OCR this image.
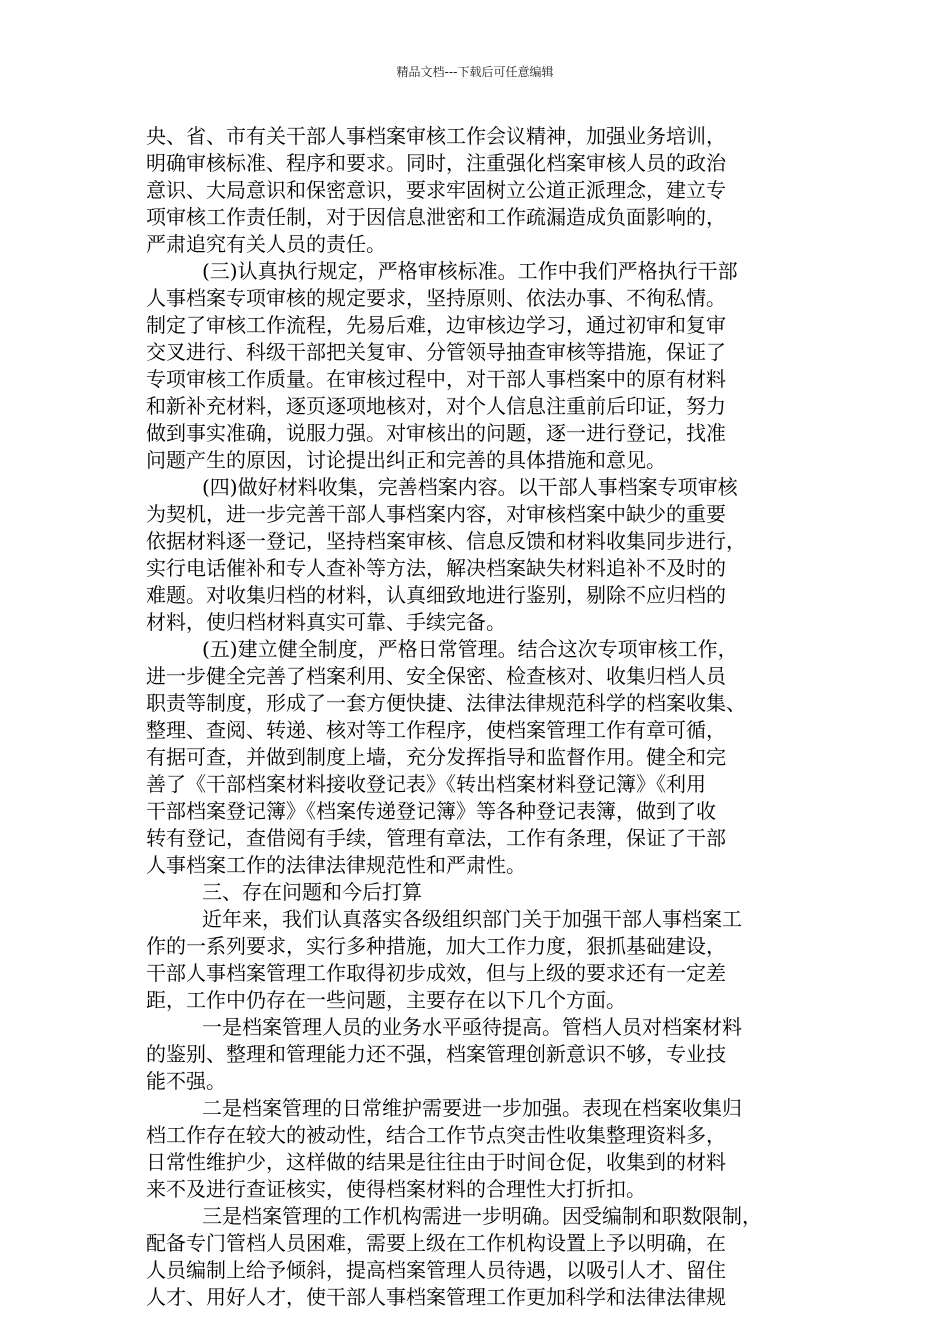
精品文档---下载后可任意编辑
央、省、市有关干部人事档案审核工作会议精神，加强业务培训，
明确审核标准、程序和要求。同时，注重强化档案审核人员的政治
意识、大局意识和保密意识，要求牢固树立公道正派理念，建立专
项审核工作责任制，对于因信息泄密和工作疏漏造成负面影响的，
严肃追究有关人员的责任。
(三)认真执行规定，严格审核标准。工作中我们严格执行干部
人事档案专项审核的规定要求，坚持原则、依法办事、不徇私情。
制定了审核工作流程，先易后难，边审核边学习，通过初审和复审
交叉进行、科级干部把关复审、分管领导抽查审核等措施，保证了
专项审核工作质量。在审核过程中，对干部人事档案中的原有材料
和新补充材料，逐页逐项地核对，对个人信息注重前后印证，努力
做到事实准确，说服力强。对审核出的问题，逐一进行登记，找准
问题产生的原因，讨论提出纠正和完善的具体措施和意见。
(四)做好材料收集，完善档案内容。以干部人事档案专项审核
为契机，进一步完善干部人事档案内容，对审核档案中缺少的重要
依据材料逐一登记，坚持档案审核、信息反馈和材料收集同步进行，
实行电话催补和专人查补等方法，解决档案缺失材料追补不及时的
难题。对收集归档的材料，认真细致地进行鉴别，剔除不应归档的
材料，使归档材料真实可靠、手续完备。
(五)建立健全制度，严格日常管理。结合这次专项审核工作，
进一步健全完善了档案利用、安全保密、检查核对、收集归档人员
职责等制度，形成了一套方便快捷、法律法律规范科学的档案收集、
整理、查阅、转递、核对等工作程序，使档案管理工作有章可循，
有据可查，并做到制度上墙，充分发挥指导和监督作用。健全和完
善了《干部档案材料接收登记表》《转出档案材料登记簿》《利用
干部档案登记簿》《档案传递登记簿》等各种登记表簿，做到了收
转有登记，查借阅有手续，管理有章法，工作有条理，保证了干部
人事档案工作的法律法律规范性和严肃性。
三、存在问题和今后打算
近年来，我们认真落实各级组织部门关于加强干部人事档案工
作的一系列要求，实行多种措施，加大工作力度，狠抓基础建设，
干部人事档案管理工作取得初步成效，但与上级的要求还有一定差
距，工作中仍存在一些问题，主要存在以下几个方面。
一是档案管理人员的业务水平亟待提高。管档人员对档案材料
的鉴别、整理和管理能力还不强，档案管理创新意识不够，专业技
能不强。
二是档案管理的日常维护需要进一步加强。表现在档案收集归
档工作存在较大的被动性，结合工作节点突击性收集整理资料多，
日常性维护少，这样做的结果是往往由于时间仓促，收集到的材料
来不及进行查证核实，使得档案材料的合理性大打折扣。
三是档案管理的工作机构需进一步明确。因受编制和职数限制，
配备专门管档人员困难，需要上级在工作机构设置上予以明确，在
人员编制上给予倾斜，提高档案管理人员待遇，以吸引人才、留住
人才、用好人才，使干部人事档案管理工作更加科学和法律法律规
